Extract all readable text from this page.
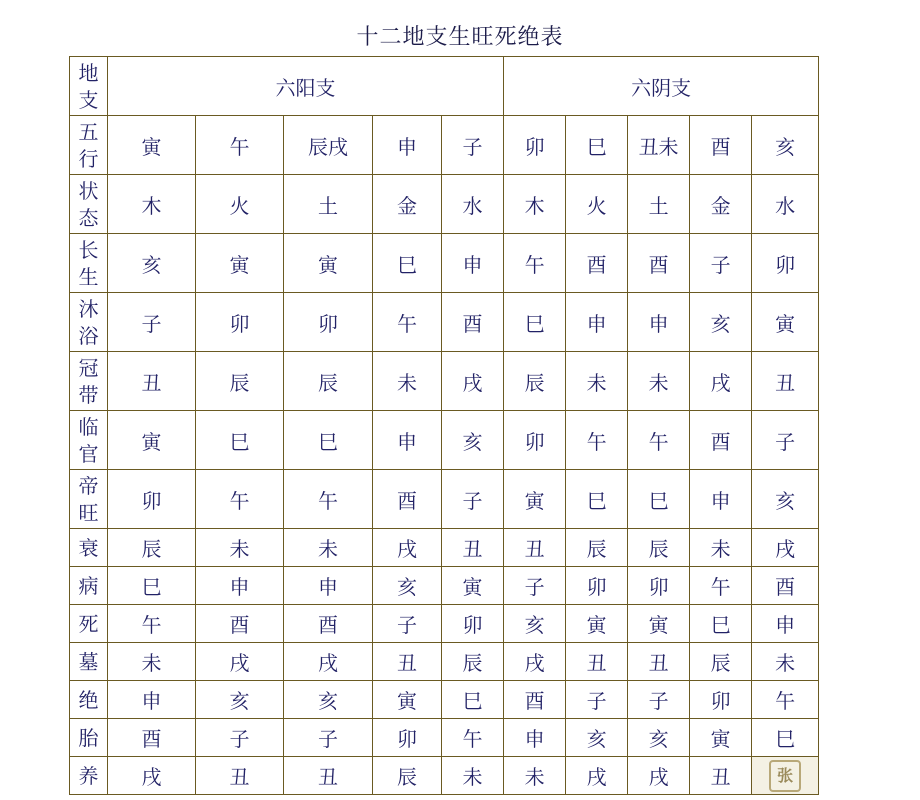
十二地支生旺死绝表
地
支	六阳支					六阴支				

五
行	寅	午	辰戌	申	子	卯	巳	丑未	酉	亥

状
态	木	火	土	金	水	木	火	土	金	水

长
生	亥	寅	寅	巳	申	午	酉	酉	子	卯

沐
浴	子	卯	卯	午	酉	巳	申	申	亥	寅

冠
带	丑	辰	辰	未	戌	辰	未	未	戌	丑

临
官	寅	巳	巳	申	亥	卯	午	午	酉	子

帝
旺	卯	午	午	酉	子	寅	巳	巳	申	亥

衰	辰	未	未	戌	丑	丑	辰	辰	未	戌

病	巳	申	申	亥	寅	子	卯	卯	午	酉

死	午	酉	酉	子	卯	亥	寅	寅	巳	申

墓	未	戌	戌	丑	辰	戌	丑	丑	辰	未

绝	申	亥	亥	寅	巳	酉	子	子	卯	午

胎	酉	子	子	卯	午	申	亥	亥	寅	巳

养	戌	丑	丑	辰	未	未	戌	戌	丑	张
